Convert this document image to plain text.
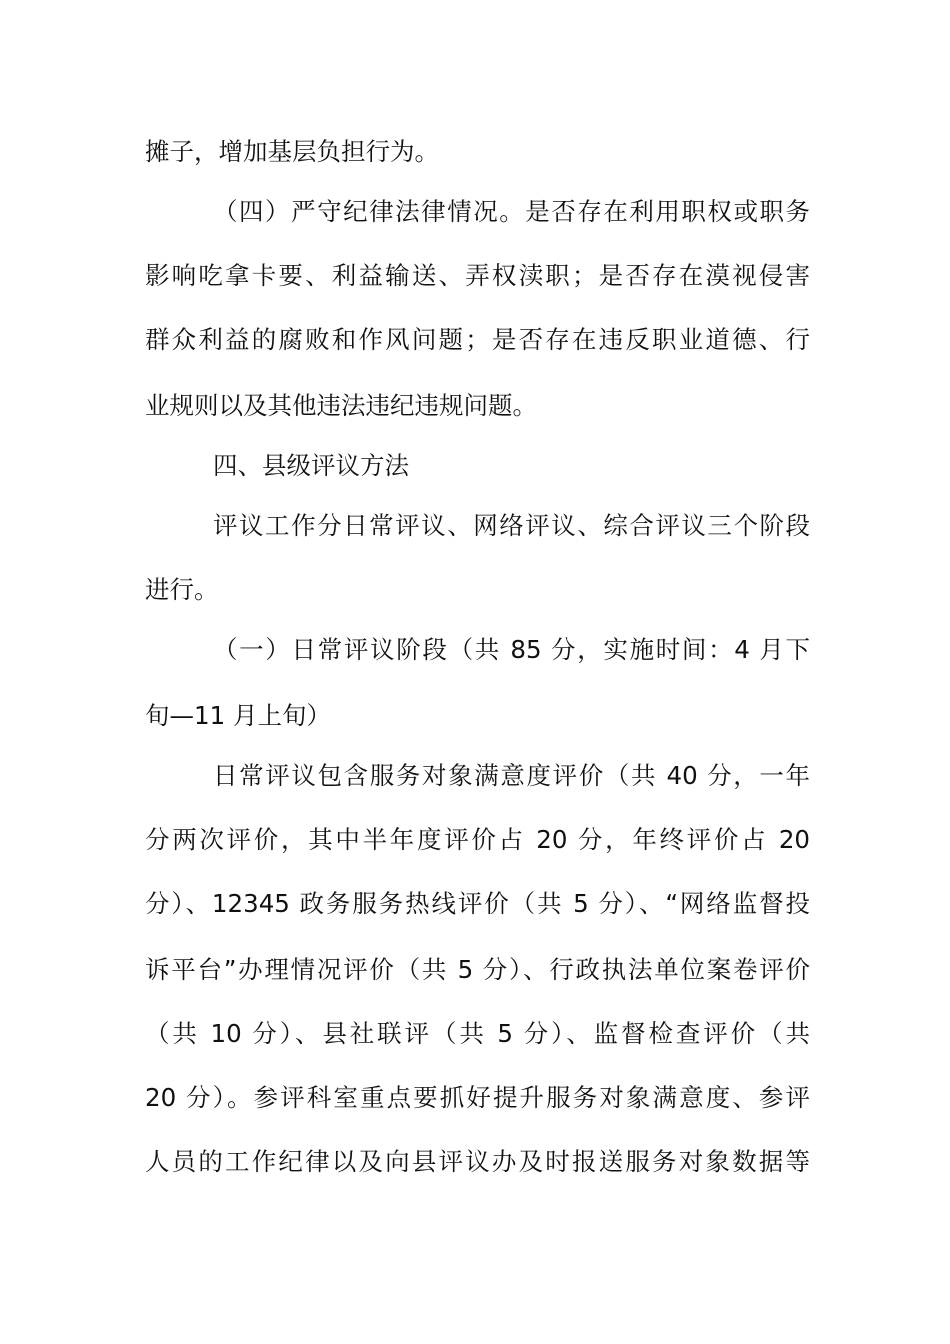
摊子，增加基层负担行为。
（四）严守纪律法律情况。是否存在利用职权或职务
影响吃拿卡要、利益输送、弄权渎职；是否存在漠视侵害
群众利益的腐败和作风问题；是否存在违反职业道德、行
业规则以及其他违法违纪违规问题。
四、县级评议方法
评议工作分日常评议、网络评议、综合评议三个阶段
进行。
（一）日常评议阶段（共 85 分，实施时间：4 月下
旬—11 月上旬）
日常评议包含服务对象满意度评价（共 40 分，一年
分两次评价，其中半年度评价占 20 分，年终评价占 20
分）、12345 政务服务热线评价（共 5 分）、“网络监督投
诉平台”办理情况评价（共 5 分）、行政执法单位案卷评价
（共 10 分）、县社联评（共 5 分）、监督检查评价（共
20 分）。参评科室重点要抓好提升服务对象满意度、参评
人员的工作纪律以及向县评议办及时报送服务对象数据等
